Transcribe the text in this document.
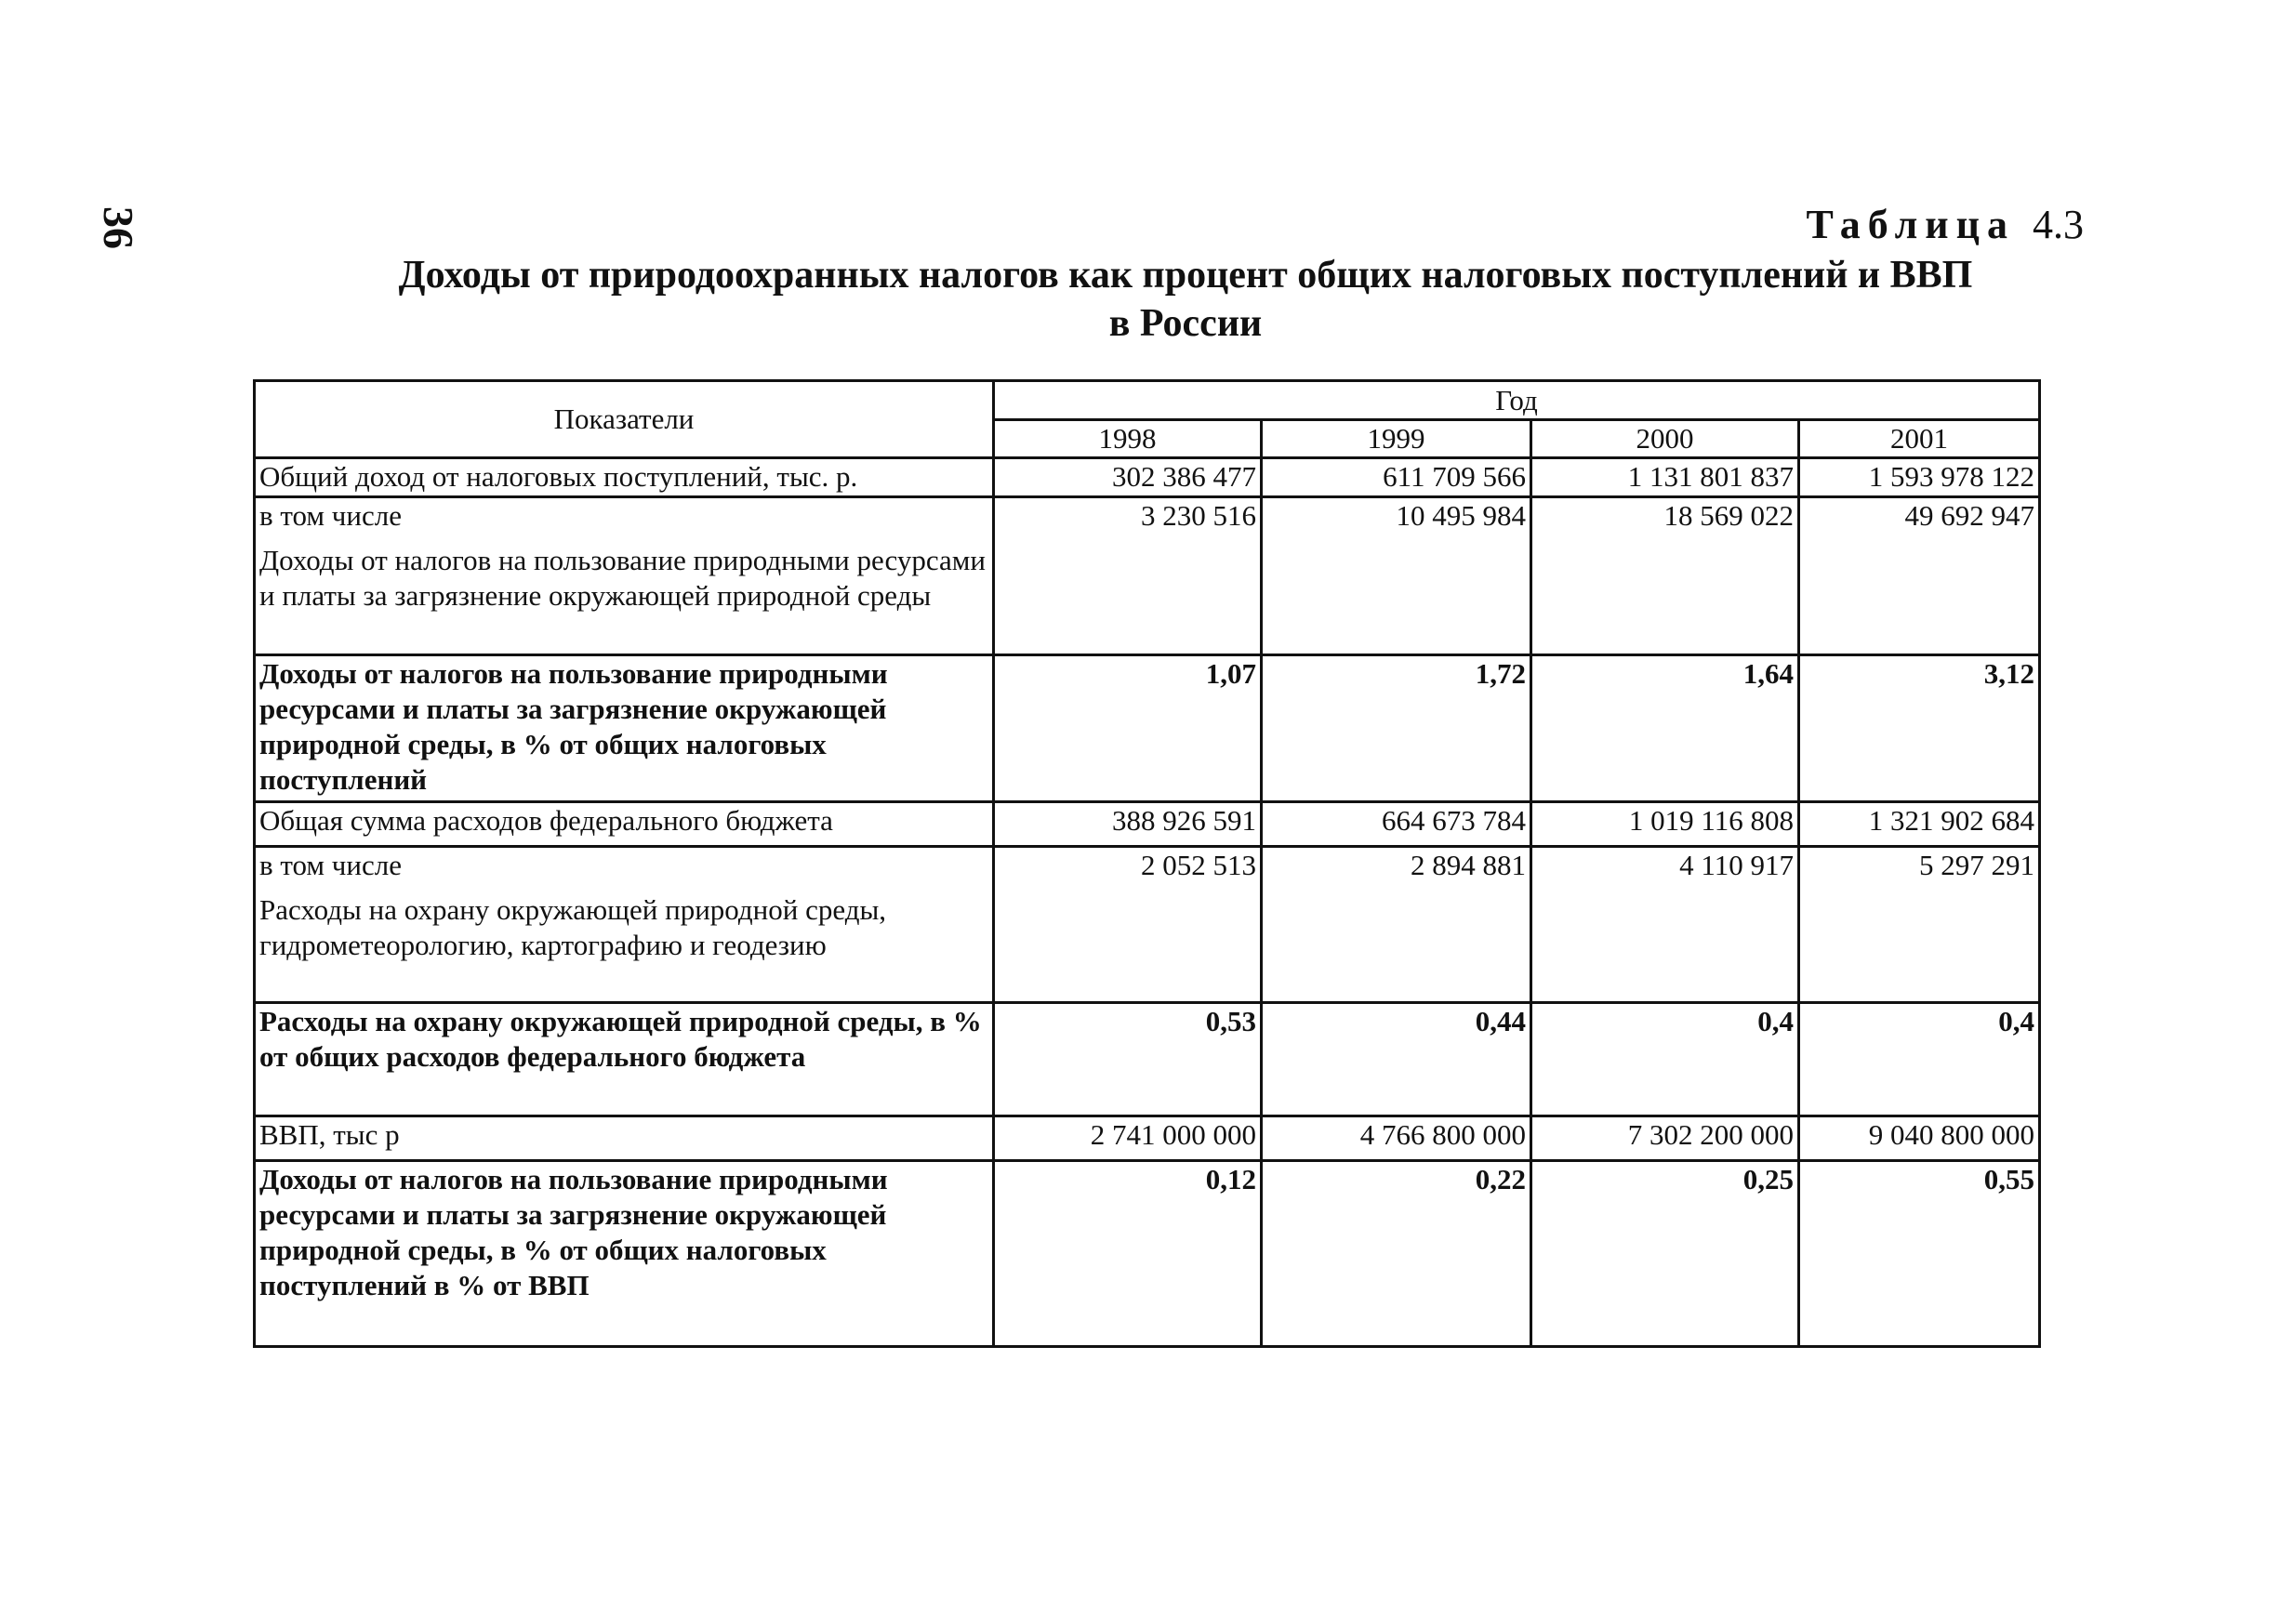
36	Таблица 4.3
Доходы от природоохранных налогов как процент общих налоговых поступлений и ВВП
в России
Показатели	Год			
	1998	1999	2000	2001
Общий доход от налоговых поступлений, тыс. р.	302 386 477	611 709 566	1 131 801 837	1 593 978 122

в том числе
Доходы от налогов на пользование природными ресурсами и платы за загрязнение окружающей природной среды	3 230 516	10 495 984	18 569 022	49 692 947
Доходы от налогов на пользование природными ресурсами и платы за загрязнение окружающей природной среды, в % от общих налоговых поступлений	1,07	1,72	1,64	3,12
Общая сумма расходов федерального бюджета	388 926 591	664 673 784	1 019 116 808	1 321 902 684

в том числе
Расходы на охрану окружающей природной среды, гидрометеорологию, картографию и геодезию	2 052 513	2 894 881	4 110 917	5 297 291
Расходы на охрану окружающей природной среды, в % от общих расходов федерального бюджета	0,53	0,44	0,4	0,4
ВВП, тыс р	2 741 000 000	4 766 800 000	7 302 200 000	9 040 800 000
Доходы от налогов на пользование природными ресурсами и платы за загрязнение окружающей природной среды, в % от общих налоговых поступлений в % от ВВП	0,12	0,22	0,25	0,55
